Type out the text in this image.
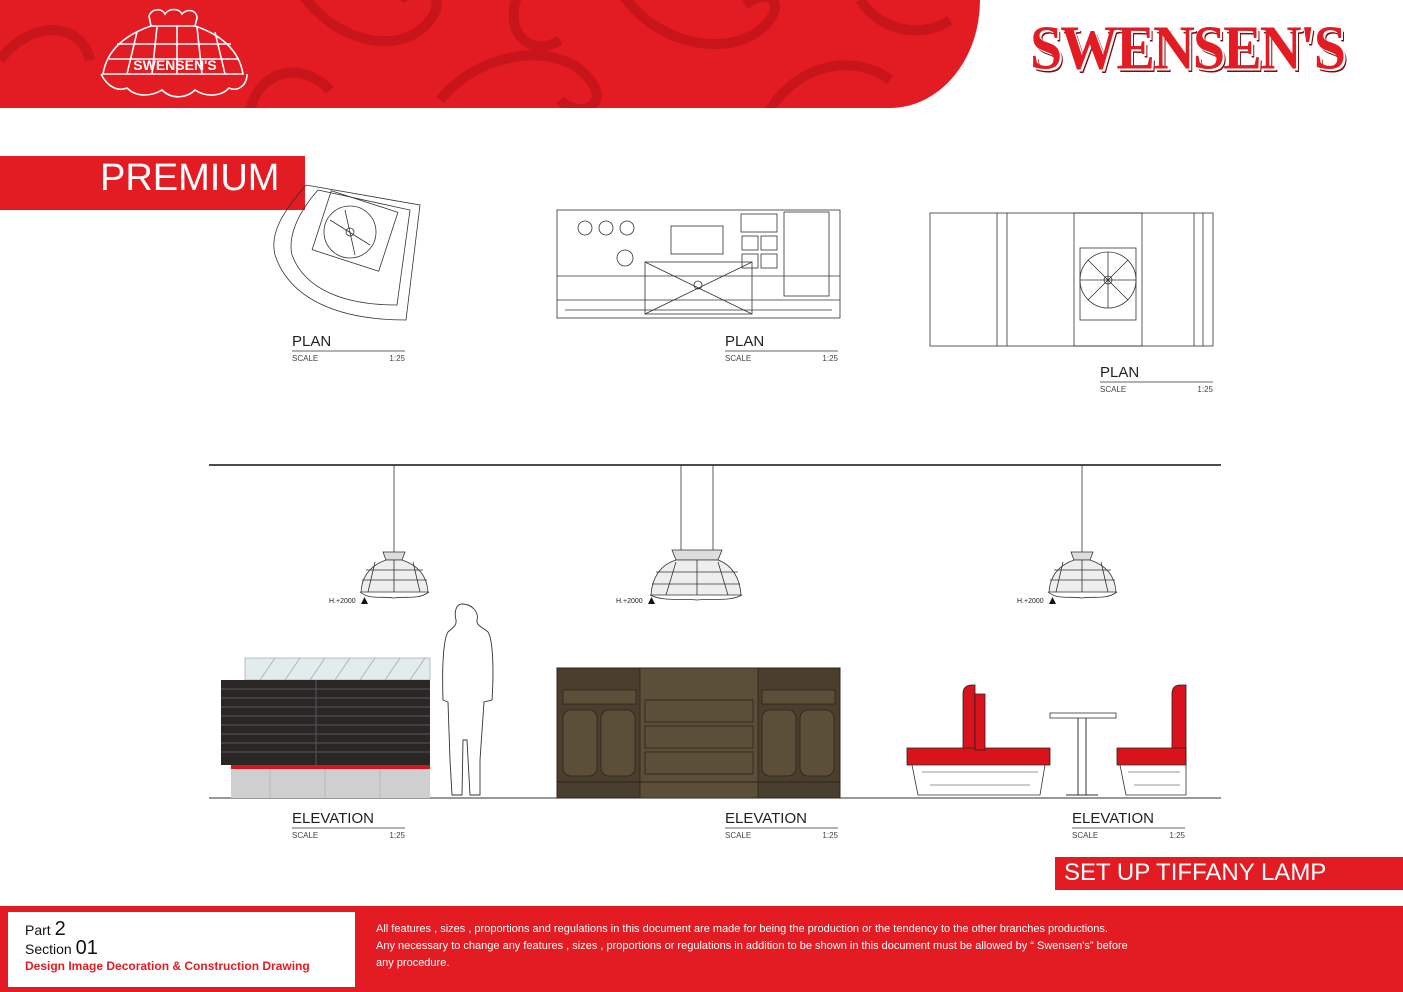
SWENSEN'S	SWENSEN'S
PREMIUM
H.+2000	H.+2000	H.+2000
PLAN
SCALE	1:25
PLAN
SCALE	1:25
PLAN
SCALE	1:25
ELEVATION
SCALE	1:25
ELEVATION
SCALE	1:25
ELEVATION
SCALE	1:25
SET UP TIFFANY LAMP
Part 2
Section 01
Design Image Decoration & Construction Drawing
All features , sizes , proportions and regulations in this document are made for being the production or the tendency to the other branches productions.
Any necessary to change any features , sizes , proportions or regulations in addition to be shown in this document must be allowed by “ Swensen's” before
any procedure.
